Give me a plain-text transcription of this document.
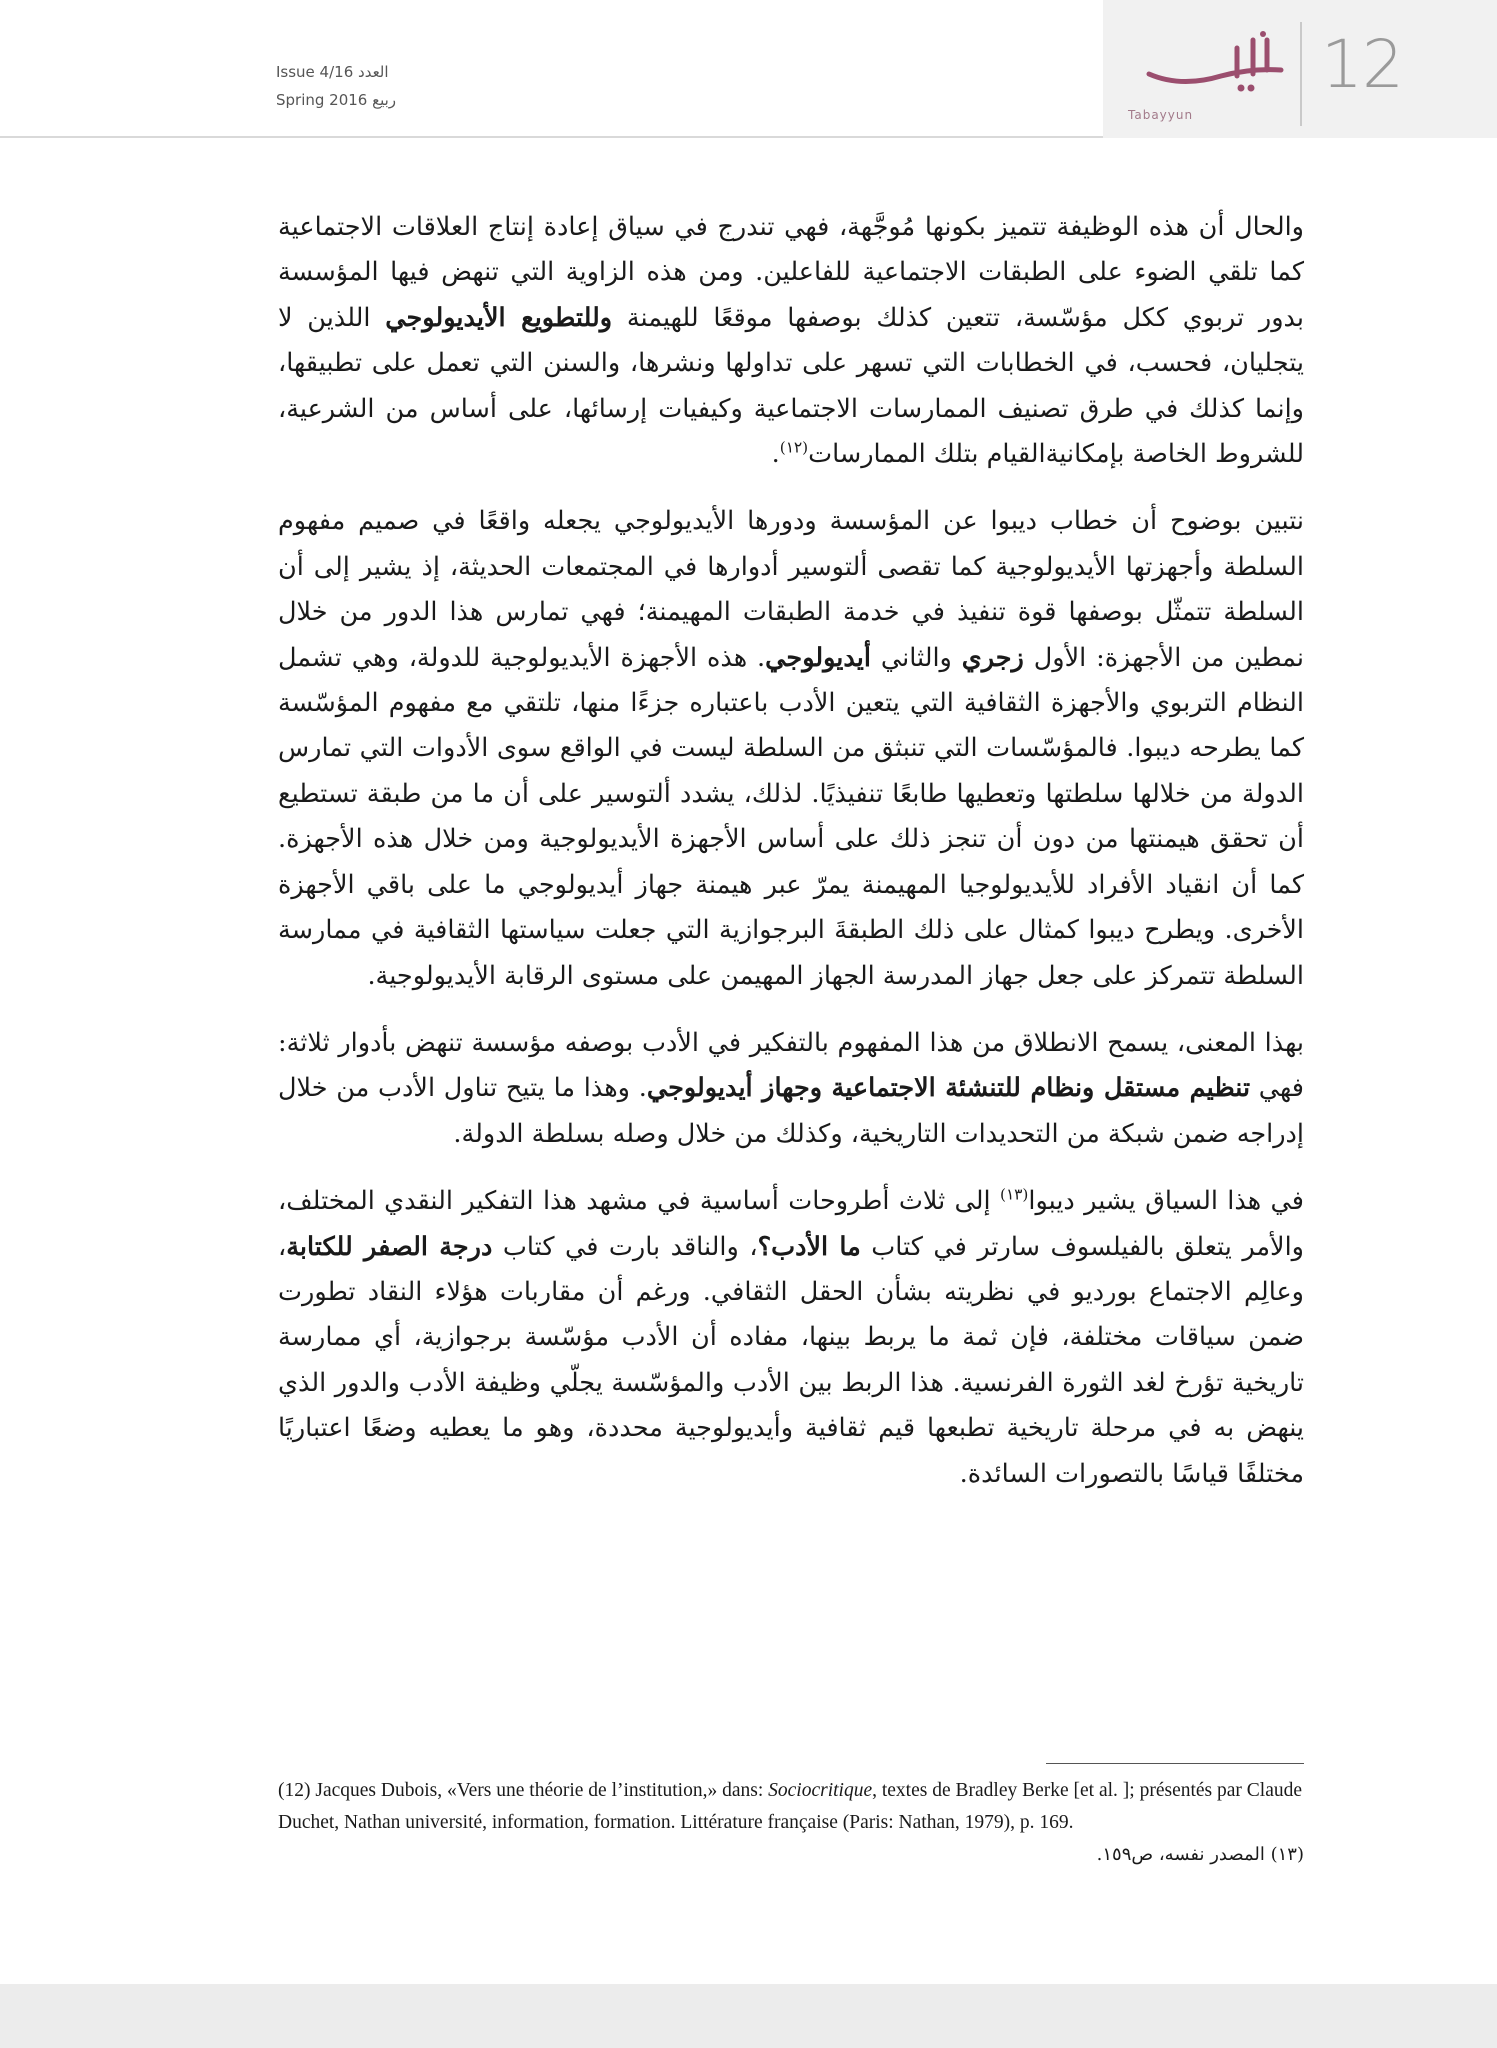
Issue 4/16 العدد
Spring 2016 ربيع	12
Tabayyun

والحال أن هذه الوظيفة تتميز بكونها مُوجَّهة، فهي تندرج في سياق إعادة إنتاج العلاقات الاجتماعية كما تلقي الضوء على الطبقات الاجتماعية للفاعلين. ومن هذه الزاوية التي تنهض فيها المؤسسة بدور تربوي ككل مؤسّسة، تتعين كذلك بوصفها موقعًا للهيمنة وللتطويع الأيديولوجي اللذين لا يتجليان، فحسب، في الخطابات التي تسهر على تداولها ونشرها، والسنن التي تعمل على تطبيقها، وإنما كذلك في طرق تصنيف الممارسات الاجتماعية وكيفيات إرسائها، على أساس من الشرعية، للشروط الخاصة بإمكانيةالقيام بتلك الممارسات$^{(١٢)}$.

نتبين بوضوح أن خطاب ديبوا عن المؤسسة ودورها الأيديولوجي يجعله واقعًا في صميم مفهوم السلطة وأجهزتها الأيديولوجية كما تقصى ألتوسير أدوارها في المجتمعات الحديثة، إذ يشير إلى أن السلطة تتمثّل بوصفها قوة تنفيذ في خدمة الطبقات المهيمنة؛ فهي تمارس هذا الدور من خلال نمطين من الأجهزة: الأول زجري والثاني أيديولوجي. هذه الأجهزة الأيديولوجية للدولة، وهي تشمل النظام التربوي والأجهزة الثقافية التي يتعين الأدب باعتباره جزءًا منها، تلتقي مع مفهوم المؤسّسة كما يطرحه ديبوا. فالمؤسّسات التي تنبثق من السلطة ليست في الواقع سوى الأدوات التي تمارس الدولة من خلالها سلطتها وتعطيها طابعًا تنفيذيًا. لذلك، يشدد ألتوسير على أن ما من طبقة تستطيع أن تحقق هيمنتها من دون أن تنجز ذلك على أساس الأجهزة الأيديولوجية ومن خلال هذه الأجهزة. كما أن انقياد الأفراد للأيديولوجيا المهيمنة يمرّ عبر هيمنة جهاز أيديولوجي ما على باقي الأجهزة الأخرى. ويطرح ديبوا كمثال على ذلك الطبقةَ البرجوازية التي جعلت سياستها الثقافية في ممارسة السلطة تتمركز على جعل جهاز المدرسة الجهاز المهيمن على مستوى الرقابة الأيديولوجية.

بهذا المعنى، يسمح الانطلاق من هذا المفهوم بالتفكير في الأدب بوصفه مؤسسة تنهض بأدوار ثلاثة: فهي تنظيم مستقل ونظام للتنشئة الاجتماعية وجهاز أيديولوجي. وهذا ما يتيح تناول الأدب من خلال إدراجه ضمن شبكة من التحديدات التاريخية، وكذلك من خلال وصله بسلطة الدولة.

في هذا السياق يشير ديبوا$^{(١٣)}$ إلى ثلاث أطروحات أساسية في مشهد هذا التفكير النقدي المختلف، والأمر يتعلق بالفيلسوف سارتر في كتاب ما الأدب؟، والناقد بارت في كتاب درجة الصفر للكتابة، وعالِم الاجتماع بورديو في نظريته بشأن الحقل الثقافي. ورغم أن مقاربات هؤلاء النقاد تطورت ضمن سياقات مختلفة، فإن ثمة ما يربط بينها، مفاده أن الأدب مؤسّسة برجوازية، أي ممارسة تاريخية تؤرخ لغد الثورة الفرنسية. هذا الربط بين الأدب والمؤسّسة يجلّي وظيفة الأدب والدور الذي ينهض به في مرحلة تاريخية تطبعها قيم ثقافية وأيديولوجية محددة، وهو ما يعطيه وضعًا اعتباريًا مختلفًا قياسًا بالتصورات السائدة.

(12) Jacques Dubois, «Vers une théorie de l’institution,» dans: Sociocritique, textes de Bradley Berke [et al. ]; présentés par Claude Duchet, Nathan université, information, formation. Littérature française (Paris: Nathan, 1979), p. 169.
(١٣) المصدر نفسه، ص١٥٩.
